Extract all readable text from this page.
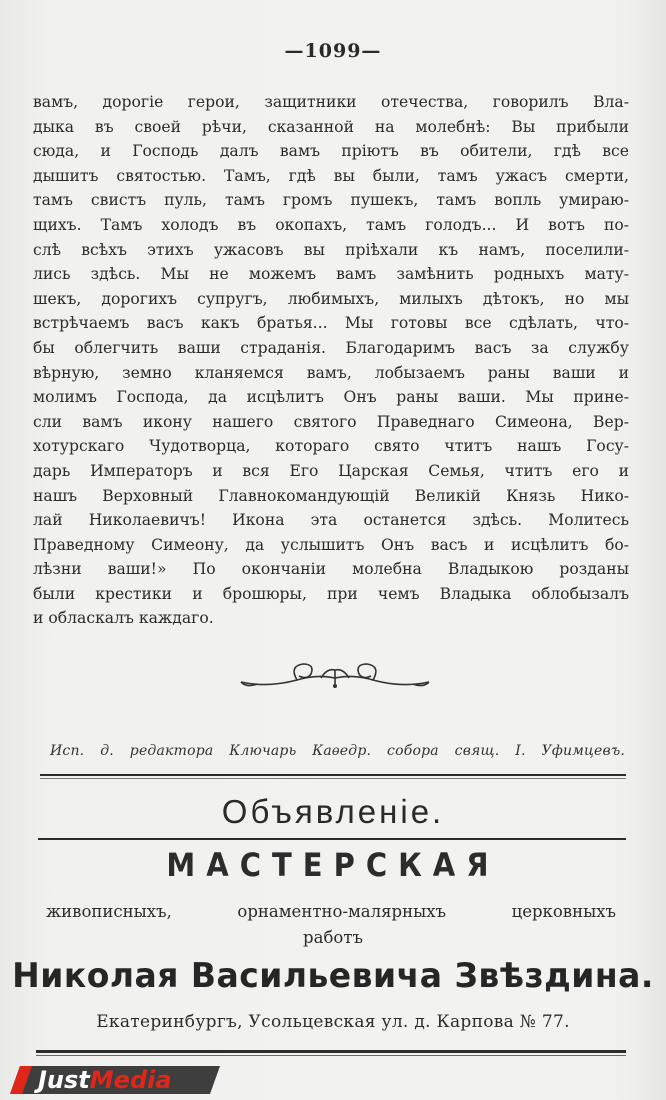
—1099—
вамъ, дорогіе герои, защитники отечества, говорилъ Вла-
дыка въ своей рѣчи, сказанной на молебнѣ: Вы прибыли
сюда, и Господь далъ вамъ пріютъ въ обители, гдѣ все
дышитъ святостью. Тамъ, гдѣ вы были, тамъ ужасъ смерти,
тамъ свистъ пуль, тамъ громъ пушекъ, тамъ вопль умираю-
щихъ. Тамъ холодъ въ окопахъ, тамъ голодъ... И вотъ по-
слѣ всѣхъ этихъ ужасовъ вы пріѣхали къ намъ, поселили-
лись здѣсь. Мы не можемъ вамъ замѣнить родныхъ мату-
шекъ, дорогихъ супругъ, любимыхъ, милыхъ дѣтокъ, но мы
встрѣчаемъ васъ какъ братья... Мы готовы все сдѣлать, что-
бы облегчить ваши страданія. Благодаримъ васъ за службу
вѣрную, земно кланяемся вамъ, лобызаемъ раны ваши и
молимъ Господа, да исцѣлитъ Онъ раны ваши. Мы прине-
сли вамъ икону нашего святого Праведнаго Симеона, Вер-
хотурскаго Чудотворца, котораго свято чтитъ нашъ Госу-
дарь Императоръ и вся Его Царская Семья, чтитъ его и
нашъ Верховный Главнокомандующій Великій Князь Нико-
лай Николаевичъ! Икона эта останется здѣсь. Молитесь
Праведному Симеону, да услышитъ Онъ васъ и исцѣлитъ бо-
лѣзни ваши!» По окончаніи молебна Владыкою розданы
были крестики и брошюры, при чемъ Владыка облобызалъ
и обласкалъ каждаго.
Исп. д. редактора Ключарь Каѳедр. собора свящ. І. Уфимцевъ.
Объявленіе.
МАСТЕРСКАЯ
живописныхъ, орнаментно-малярныхъ церковныхъ
работъ
Николая Васильевича Звѣздина.
Екатеринбургъ, Усольцевская ул. д. Карпова № 77.
JustMedia
